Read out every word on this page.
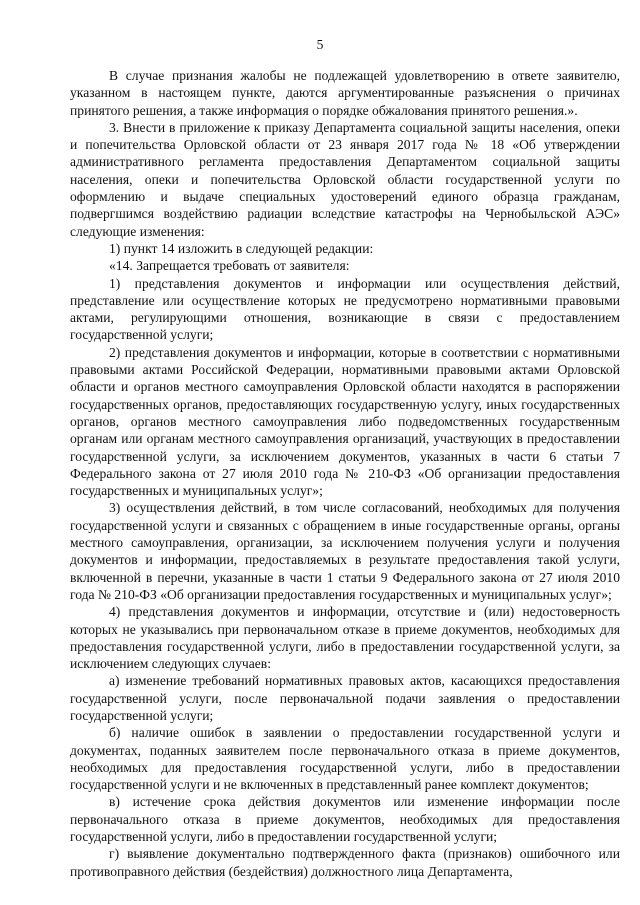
5

В случае признания жалобы не подлежащей удовлетворению в ответе заявителю, указанном в настоящем пункте, даются аргументированные разъяснения о причинах принятого решения, а также информация о порядке обжалования принятого решения.».

3. Внести в приложение к приказу Департамента социальной защиты населения, опеки и попечительства Орловской области от 23 января 2017 года № 18 «Об утверждении административного регламента предоставления Департаментом социальной защиты населения, опеки и попечительства Орловской области государственной услуги по оформлению и выдаче специальных удостоверений единого образца гражданам, подвергшимся воздействию радиации вследствие катастрофы на Чернобыльской АЭС» следующие изменения:

1) пункт 14 изложить в следующей редакции:

«14. Запрещается требовать от заявителя:

1) представления документов и информации или осуществления действий, представление или осуществление которых не предусмотрено нормативными правовыми актами, регулирующими отношения, возникающие в связи с предоставлением государственной услуги;

2) представления документов и информации, которые в соответствии с нормативными правовыми актами Российской Федерации, нормативными правовыми актами Орловской области и органов местного самоуправления Орловской области находятся в распоряжении государственных органов, предоставляющих государственную услугу, иных государственных органов, органов местного самоуправления либо подведомственных государственным органам или органам местного самоуправления организаций, участвующих в предоставлении государственной услуги, за исключением документов, указанных в части 6 статьи 7 Федерального закона от 27 июля 2010 года № 210-ФЗ «Об организации предоставления государственных и муниципальных услуг»;

3) осуществления действий, в том числе согласований, необходимых для получения государственной услуги и связанных с обращением в иные государственные органы, органы местного самоуправления, организации, за исключением получения услуги и получения документов и информации, предоставляемых в результате предоставления такой услуги, включенной в перечни, указанные в части 1 статьи 9 Федерального закона от 27 июля 2010 года № 210-ФЗ «Об организации предоставления государственных и муниципальных услуг»;

4) представления документов и информации, отсутствие и (или) недостоверность которых не указывались при первоначальном отказе в приеме документов, необходимых для предоставления государственной услуги, либо в предоставлении государственной услуги, за исключением следующих случаев:

а) изменение требований нормативных правовых актов, касающихся предоставления государственной услуги, после первоначальной подачи заявления о предоставлении государственной услуги;

б) наличие ошибок в заявлении о предоставлении государственной услуги и документах, поданных заявителем после первоначального отказа в приеме документов, необходимых для предоставления государственной услуги, либо в предоставлении государственной услуги и не включенных в представленный ранее комплект документов;

в) истечение срока действия документов или изменение информации после первоначального отказа в приеме документов, необходимых для предоставления государственной услуги, либо в предоставлении государственной услуги;

г) выявление документально подтвержденного факта (признаков) ошибочного или противоправного действия (бездействия) должностного лица Департамента,
